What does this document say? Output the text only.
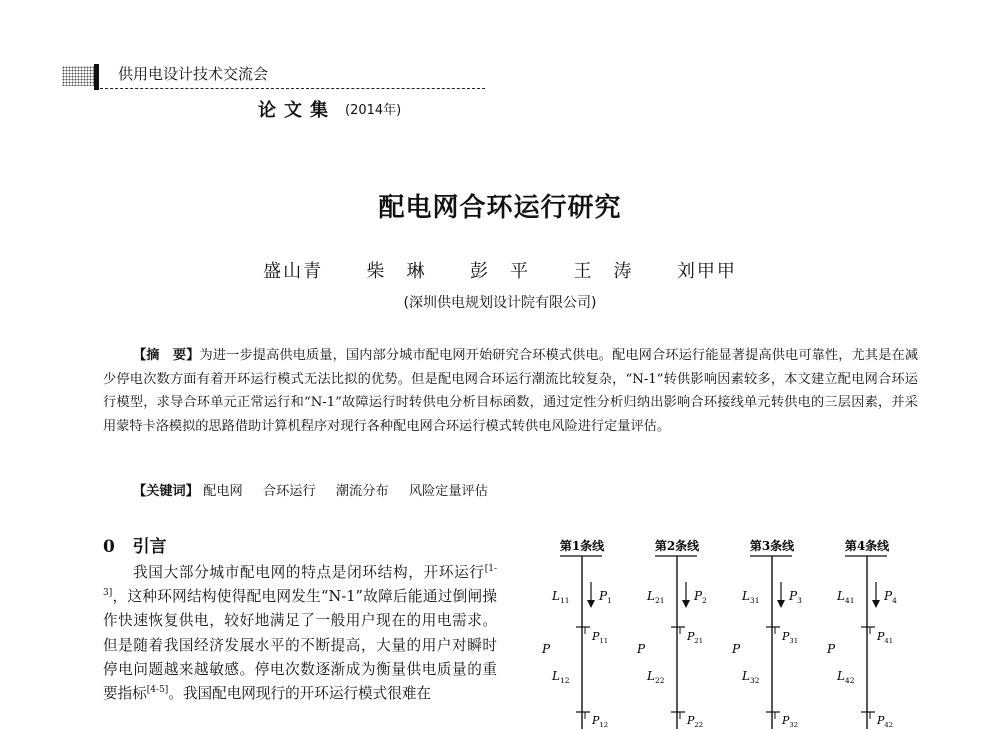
供用电设计技术交流会
论文集 (2014年)
配电网合环运行研究
盛山青 柴　琳 彭　平 王　涛 刘甲甲
(深圳供电规划设计院有限公司)
【摘　要】为进一步提高供电质量，国内部分城市配电网开始研究合环模式供电。配电网合环运行能显著提高供电可靠性，尤其是在减少停电次数方面有着开环运行模式无法比拟的优势。但是配电网合环运行潮流比较复杂，“N-1”转供影响因素较多，本文建立配电网合环运行模型，求导合环单元正常运行和“N-1”故障运行时转供电分析目标函数，通过定性分析归纳出影响合环接线单元转供电的三层因素，并采用蒙特卡洛模拟的思路借助计算机程序对现行各种配电网合环运行模式转供电风险进行定量评估。
【关键词】 配电网 合环运行 潮流分布 风险定量评估
0 引言
我国大部分城市配电网的特点是闭环结构，开环运行[1-3]，这种环网结构使得配电网发生“N-1”故障后能通过倒闸操作快速恢复供电，较好地满足了一般用户现在的用电需求。但是随着我国经济发展水平的不断提高，大量的用户对瞬时停电问题越来越敏感。停电次数逐渐成为衡量供电质量的重要指标[4-5]。我国配电网现行的开环运行模式很难在
第1条线
$L_{11}$ $P_1$
$P_{11}$
P
$L_{12}$
$P_{12}$
第2条线
$L_{21}$ $P_2$
$P_{21}$
P
$L_{22}$
$P_{22}$
第3条线
$L_{31}$ $P_3$
$P_{31}$
P
$L_{32}$
$P_{32}$
第4条线
$L_{41}$ $P_4$
$P_{41}$
P
$L_{42}$
$P_{42}$
